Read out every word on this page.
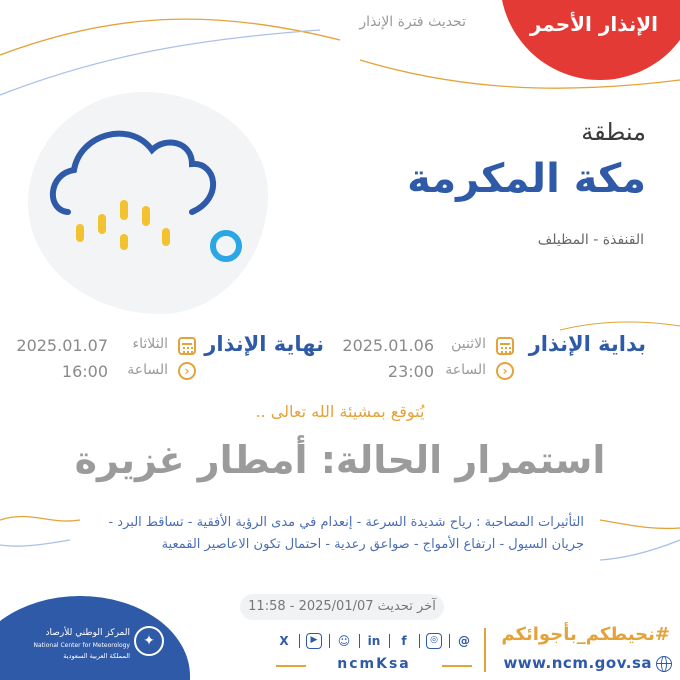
الإنذار الأحمر
تحديث فترة الإنذار
منطقة
مكة المكرمة
القنفذة - المظيلف
بداية الإنذار
الاثنين
2025.01.06
‹
الساعة
23:00
نهاية الإنذار
الثلاثاء
2025.01.07
‹
الساعة
16:00
يُتوقع بمشيئة الله تعالى ..
استمرار الحالة: أمطار غزيرة
التأثيرات المصاحبة : رياح شديدة السرعة - إنعدام في مدى الرؤية الأفقية - تساقط البرد - جريان السيول - ارتفاع الأمواج - صواعق رعدية - احتمال تكون الاعاصير القمعية
آخر تحديث 2025/01/07 - 11:58
✦
المركز الوطني للأرصاد
National Center for Meteorology
المملكة العربية السعودية
X	▶	☺ in	f	◎	@
ncmKsa
#نحيطكم_بأجوائكم
www.ncm.gov.sa
